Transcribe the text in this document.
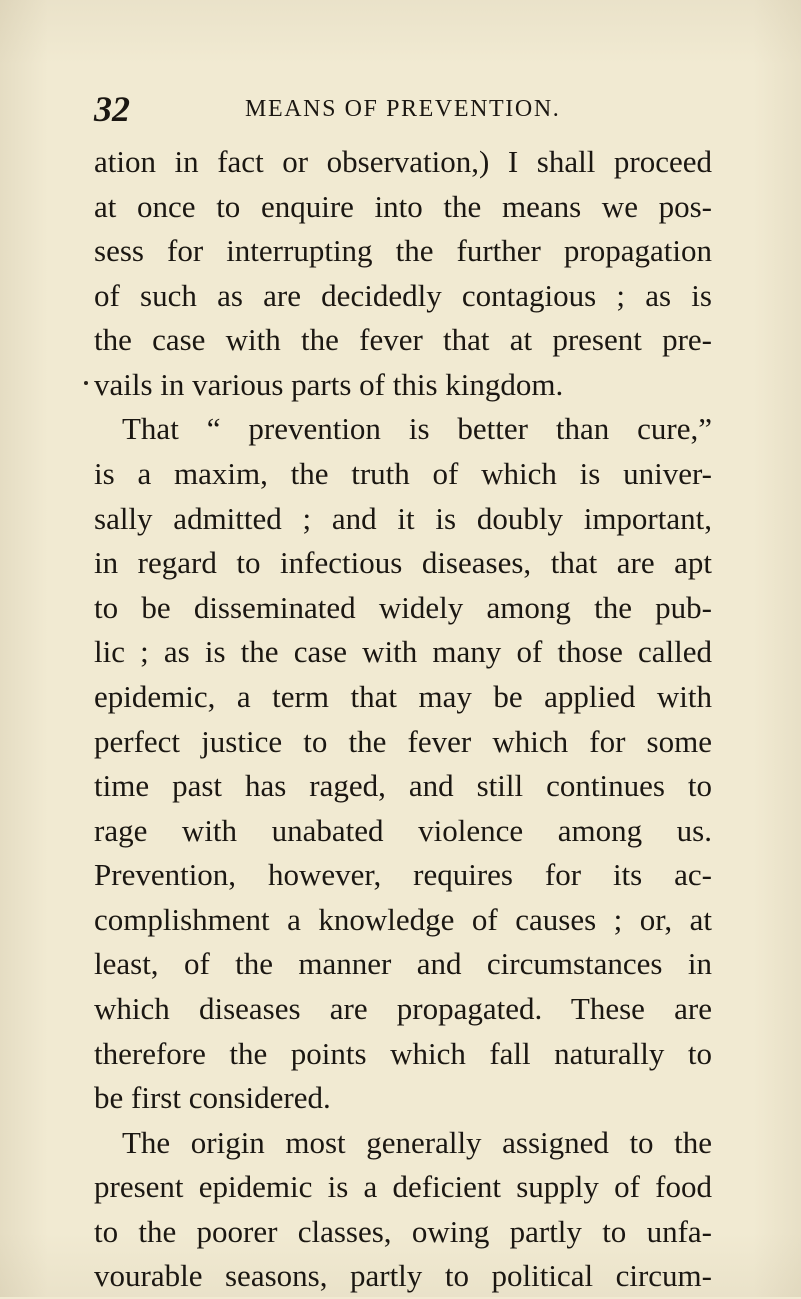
32	MEANS OF PREVENTION.
ation in fact or observation,) I shall proceed
at once to enquire into the means we pos-
sess for interrupting the further propagation
of such as are decidedly contagious ; as is
the case with the fever that at present pre-
vails in various parts of this kingdom.
That “ prevention is better than cure,”
is a maxim, the truth of which is univer-
sally admitted ; and it is doubly important,
in regard to infectious diseases, that are apt
to be disseminated widely among the pub-
lic ; as is the case with many of those called
epidemic, a term that may be applied with
perfect justice to the fever which for some
time past has raged, and still continues to
rage with unabated violence among us.
Prevention, however, requires for its ac-
complishment a knowledge of causes ; or, at
least, of the manner and circumstances in
which diseases are propagated. These are
therefore the points which fall naturally to
be first considered.
The origin most generally assigned to the
present epidemic is a deficient supply of food
to the poorer classes, owing partly to unfa-
vourable seasons, partly to political circum-
